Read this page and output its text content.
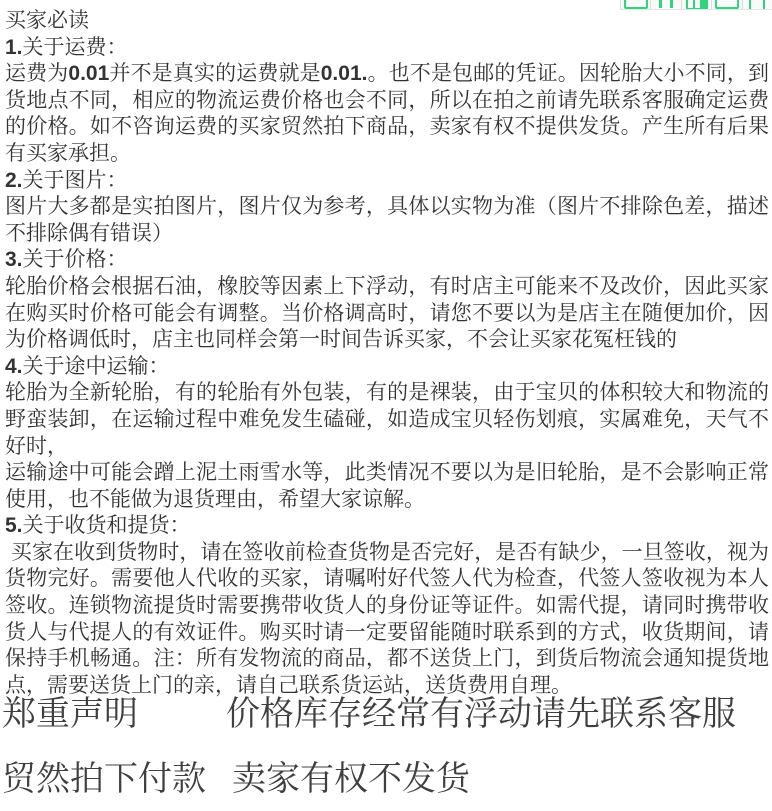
买家必读
1.关于运费：
运费为0.01并不是真实的运费就是0.01.。也不是包邮的凭证。因轮胎大小不同，到货地点不同，相应的物流运费价格也会不同，所以在拍之前请先联系客服确定运费的价格。如不咨询运费的买家贸然拍下商品，卖家有权不提供发货。产生所有后果有买家承担。
2.关于图片：
图片大多都是实拍图片，图片仅为参考，具体以实物为准（图片不排除色差，描述不排除偶有错误）
3.关于价格：
轮胎价格会根据石油，橡胶等因素上下浮动，有时店主可能来不及改价，因此买家在购买时价格可能会有调整。当价格调高时，请您不要以为是店主在随便加价，因为价格调低时，店主也同样会第一时间告诉买家，不会让买家花冤枉钱的
4.关于途中运输：
轮胎为全新轮胎，有的轮胎有外包装，有的是裸装，由于宝贝的体积较大和物流的野蛮装卸，在运输过程中难免发生磕碰，如造成宝贝轻伤划痕，实属难免，天气不好时，
运输途中可能会蹭上泥土雨雪水等，此类情况不要以为是旧轮胎，是不会影响正常使用，也不能做为退货理由，希望大家谅解。
5.关于收货和提货：
买家在收到货物时，请在签收前检查货物是否完好，是否有缺少，一旦签收，视为货物完好。需要他人代收的买家，请嘱咐好代签人代为检查，代签人签收视为本人签收。连锁物流提货时需要携带收货人的身份证等证件。如需代提，请同时携带收货人与代提人的有效证件。购买时请一定要留能随时联系到的方式，收货期间，请保持手机畅通。注：所有发物流的商品，都不送货上门，到货后物流会通知提货地点，需要送货上门的亲，请自己联系货运站，送货费用自理。
郑重声明	价格库存经常有浮动请先联系客服
贸然拍下付款 卖家有权不发货
